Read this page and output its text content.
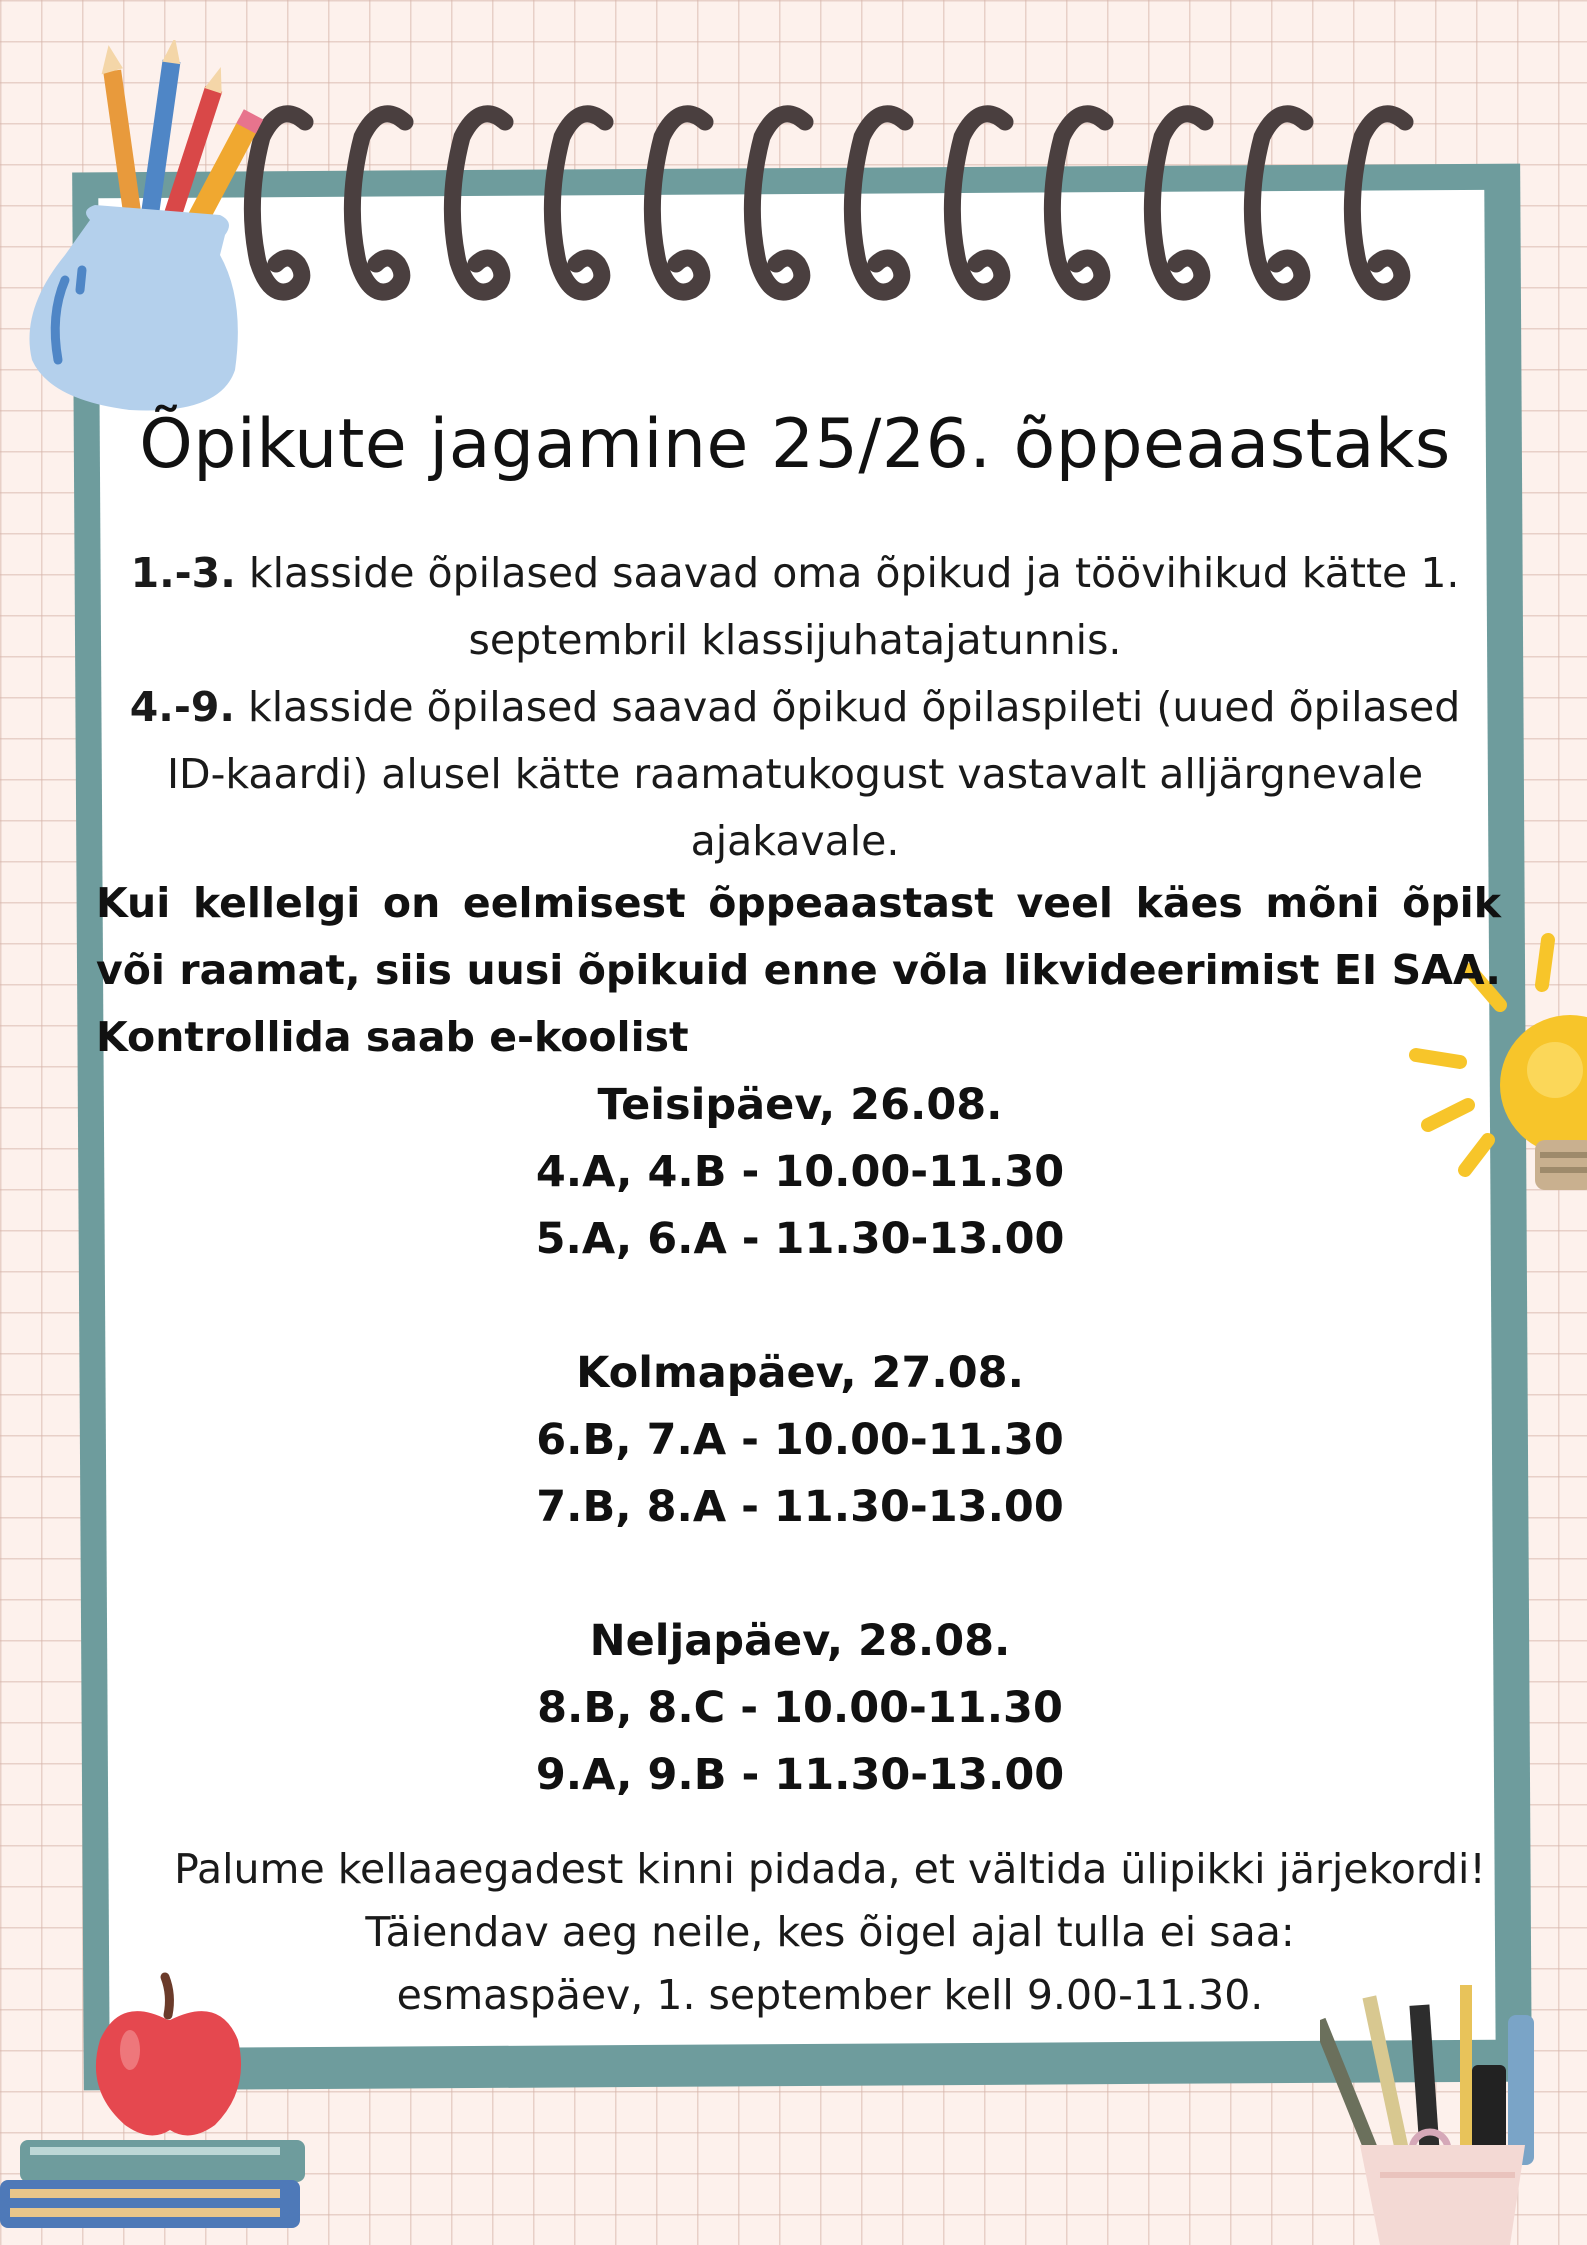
Õpikute jagamine 25/26. õppeaastaks
1.-3. klasside õpilased saavad oma õpikud ja töövihikud kätte 1. septembril klassijuhatajatunnis.
4.-9. klasside õpilased saavad õpikud õpilaspileti (uued õpilased ID-kaardi) alusel kätte raamatukogust vastavalt alljärgnevale ajakavale.
Kui kellelgi on eelmisest õppeaastast veel käes mõni õpik või raamat, siis uusi õpikuid enne võla likvideerimist EI SAA. Kontrollida saab e-koolist
Teisipäev, 26.08.
4.A, 4.B - 10.00-11.30
5.A, 6.A - 11.30-13.00
Kolmapäev, 27.08.
6.B, 7.A - 10.00-11.30
7.B, 8.A - 11.30-13.00
Neljapäev, 28.08.
8.B, 8.C - 10.00-11.30
9.A, 9.B - 11.30-13.00
Palume kellaaegadest kinni pidada, et vältida ülipikki järjekordi!
Täiendav aeg neile, kes õigel ajal tulla ei saa:
esmaspäev, 1. september kell 9.00-11.30.
